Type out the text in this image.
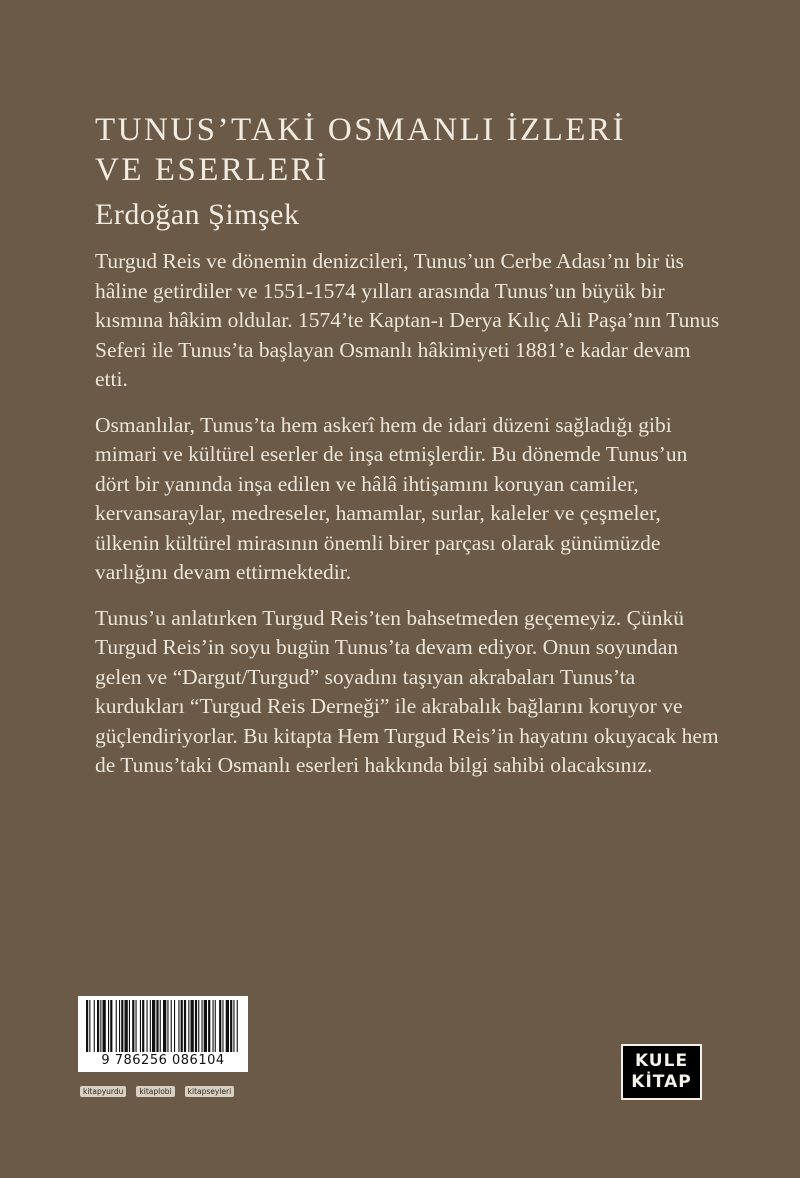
TUNUS’TAKİ OSMANLI İZLERİ
VE ESERLERİ
Erdoğan Şimşek

Turgud Reis ve dönemin denizcileri, Tunus’un Cerbe Adası’nı bir üs hâline getirdiler ve 1551-1574 yılları arasında Tunus’un büyük bir kısmına hâkim oldular. 1574’te Kaptan-ı Derya Kılıç Ali Paşa’nın Tunus Seferi ile Tunus’ta başlayan Osmanlı hâkimiyeti 1881’e kadar devam etti.

Osmanlılar, Tunus’ta hem askerî hem de idari düzeni sağladığı gibi mimari ve kültürel eserler de inşa etmişlerdir. Bu dönemde Tunus’un dört bir yanında inşa edilen ve hâlâ ihtişamını koruyan camiler, kervansaraylar, medreseler, hamamlar, surlar, kaleler ve çeşmeler, ülkenin kültürel mirasının önemli birer parçası olarak günümüzde varlığını devam ettirmektedir.

Tunus’u anlatırken Turgud Reis’ten bahsetmeden geçemeyiz. Çünkü Turgud Reis’in soyu bugün Tunus’ta devam ediyor. Onun soyundan gelen ve “Dargut/Turgud” soyadını taşıyan akrabaları Tunus’ta kurdukları “Turgud Reis Derneği” ile akrabalık bağlarını koruyor ve güçlendiriyorlar. Bu kitapta Hem Turgud Reis’in hayatını okuyacak hem de Tunus’taki Osmanlı eserleri hakkında bilgi sahibi olacaksınız.

9 786256 086104
kitapyurdu	kitaplobi	kitapseyleri
KULE
KİTAP
